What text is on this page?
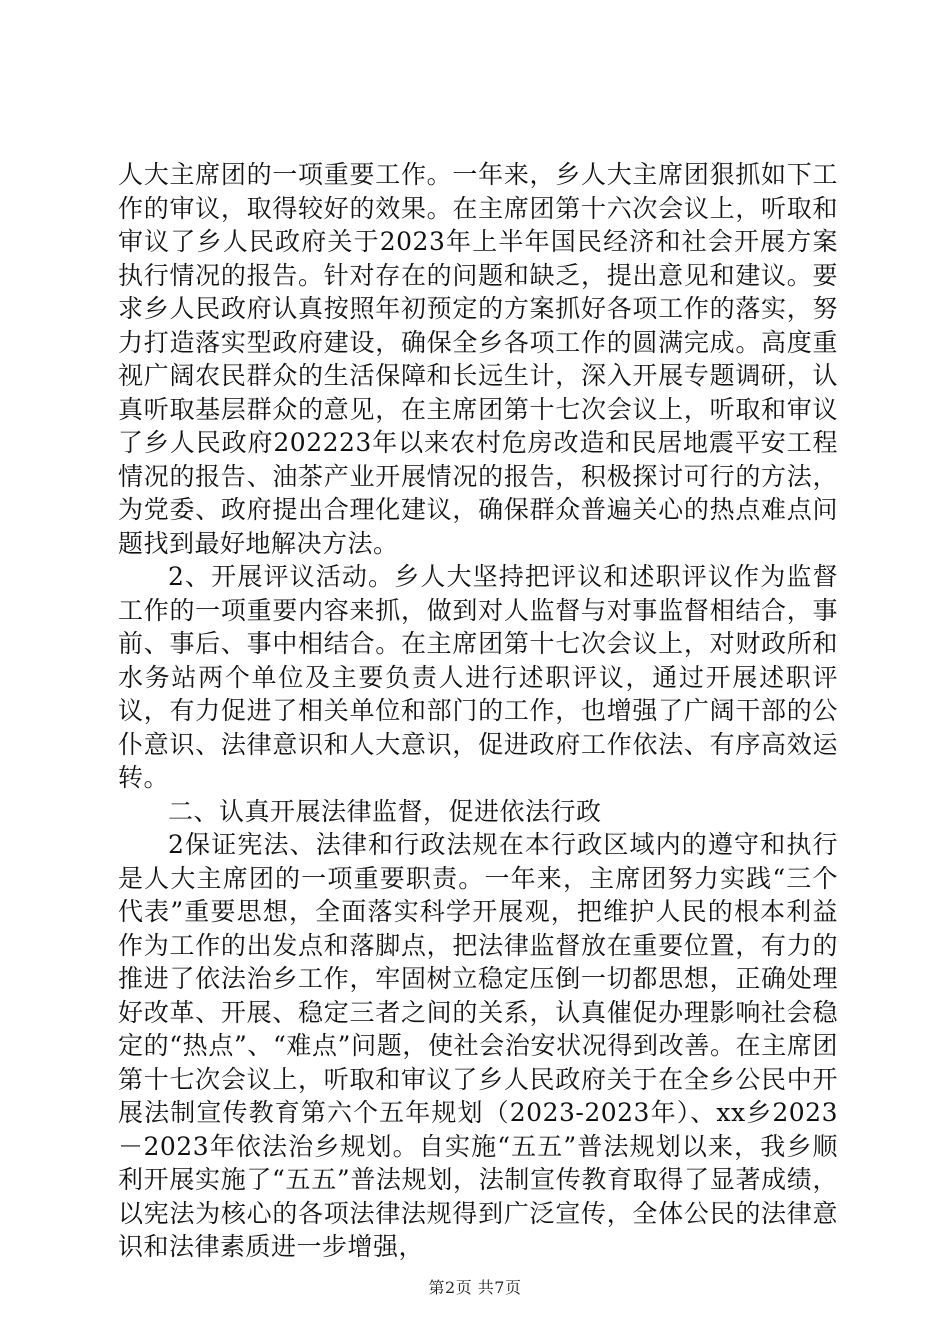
人大主席团的一项重要工作。一年来，乡人大主席团狠抓如下工作的审议，取得较好的效果。在主席团第十六次会议上，听取和审议了乡人民政府关于2023年上半年国民经济和社会开展方案执行情况的报告。针对存在的问题和缺乏，提出意见和建议。要求乡人民政府认真按照年初预定的方案抓好各项工作的落实，努力打造落实型政府建设，确保全乡各项工作的圆满完成。高度重视广阔农民群众的生活保障和长远生计，深入开展专题调研，认真听取基层群众的意见，在主席团第十七次会议上，听取和审议了乡人民政府202223年以来农村危房改造和民居地震平安工程情况的报告、油茶产业开展情况的报告，积极探讨可行的方法，为党委、政府提出合理化建议，确保群众普遍关心的热点难点问题找到最好地解决方法。

2、开展评议活动。乡人大坚持把评议和述职评议作为监督工作的一项重要内容来抓，做到对人监督与对事监督相结合，事前、事后、事中相结合。在主席团第十七次会议上，对财政所和水务站两个单位及主要负责人进行述职评议，通过开展述职评议，有力促进了相关单位和部门的工作，也增强了广阔干部的公仆意识、法律意识和人大意识，促进政府工作依法、有序高效运转。

二、认真开展法律监督，促进依法行政

2保证宪法、法律和行政法规在本行政区域内的遵守和执行是人大主席团的一项重要职责。一年来，主席团努力实践“三个代表”重要思想，全面落实科学开展观，把维护人民的根本利益作为工作的出发点和落脚点，把法律监督放在重要位置，有力的推进了依法治乡工作，牢固树立稳定压倒一切都思想，正确处理好改革、开展、稳定三者之间的关系，认真催促办理影响社会稳定的“热点”、“难点”问题，使社会治安状况得到改善。在主席团第十七次会议上，听取和审议了乡人民政府关于在全乡公民中开展法制宣传教育第六个五年规划（2023-2023年）、xx乡2023－2023年依法治乡规划。自实施“五五”普法规划以来，我乡顺利开展实施了“五五”普法规划，法制宣传教育取得了显著成绩，以宪法为核心的各项法律法规得到广泛宣传，全体公民的法律意识和法律素质进一步增强，

第2页 共7页
